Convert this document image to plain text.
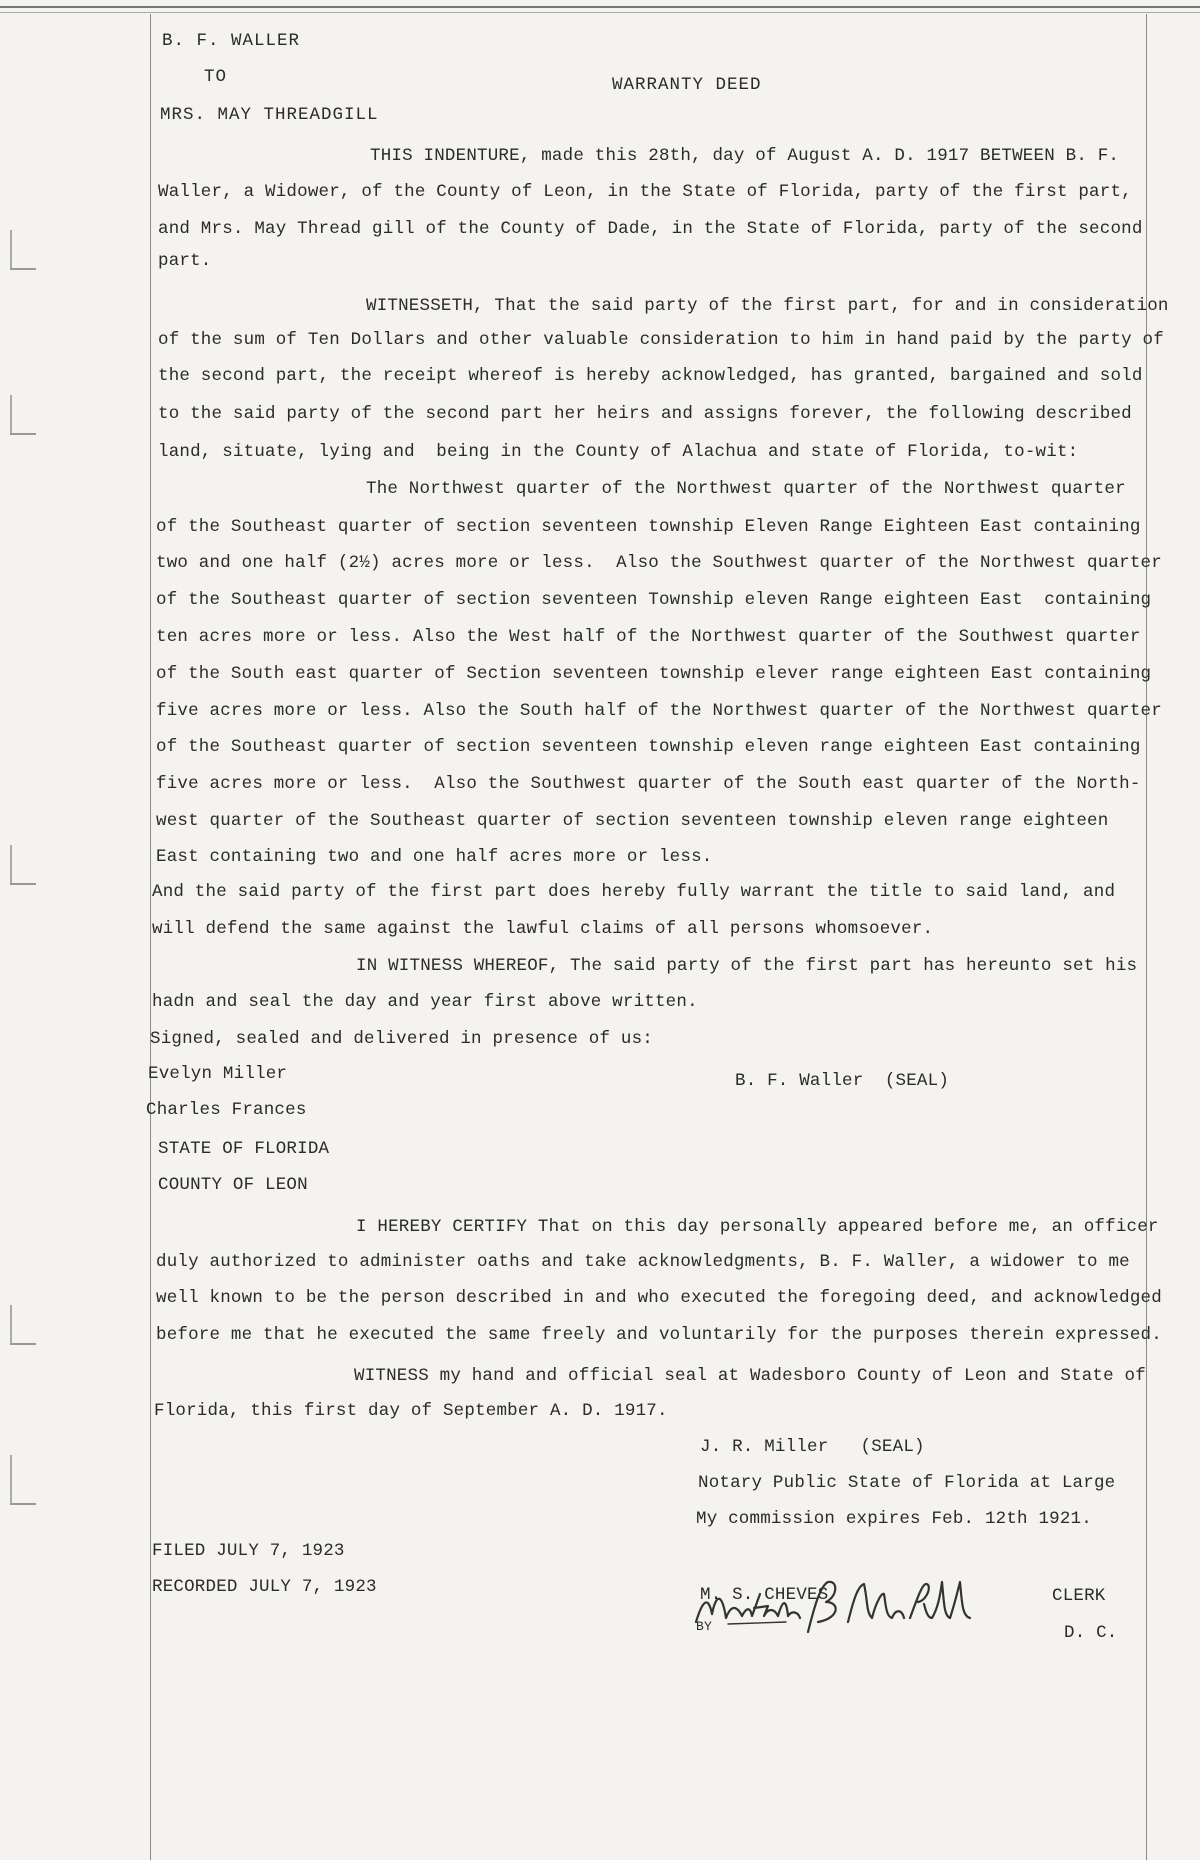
B. F. WALLER
TO	WARRANTY DEED
MRS. MAY THREADGILL
THIS INDENTURE, made this 28th, day of August A. D. 1917 BETWEEN B. F.
Waller, a Widower, of the County of Leon, in the State of Florida, party of the first part,
and Mrs. May Thread gill of the County of Dade, in the State of Florida, party of the second
part.
WITNESSETH, That the said party of the first part, for and in consideration
of the sum of Ten Dollars and other valuable consideration to him in hand paid by the party of
the second part, the receipt whereof is hereby acknowledged, has granted, bargained and sold
to the said party of the second part her heirs and assigns forever, the following described
land, situate, lying and  being in the County of Alachua and state of Florida, to-wit:
The Northwest quarter of the Northwest quarter of the Northwest quarter
of the Southeast quarter of section seventeen township Eleven Range Eighteen East containing
two and one half (2½) acres more or less.  Also the Southwest quarter of the Northwest quarter
of the Southeast quarter of section seventeen Township eleven Range eighteen East  containing
ten acres more or less. Also the West half of the Northwest quarter of the Southwest quarter
of the South east quarter of Section seventeen township elever range eighteen East containing
five acres more or less. Also the South half of the Northwest quarter of the Northwest quarter
of the Southeast quarter of section seventeen township eleven range eighteen East containing
five acres more or less.  Also the Southwest quarter of the South east quarter of the North-
west quarter of the Southeast quarter of section seventeen township eleven range eighteen
East containing two and one half acres more or less.
And the said party of the first part does hereby fully warrant the title to said land, and
will defend the same against the lawful claims of all persons whomsoever.
IN WITNESS WHEREOF, The said party of the first part has hereunto set his
hadn and seal the day and year first above written.
Signed, sealed and delivered in presence of us:
Evelyn Miller	B. F. Waller  (SEAL)
Charles Frances
STATE OF FLORIDA
COUNTY OF LEON
I HEREBY CERTIFY That on this day personally appeared before me, an officer
duly authorized to administer oaths and take acknowledgments, B. F. Waller, a widower to me
well known to be the person described in and who executed the foregoing deed, and acknowledged
before me that he executed the same freely and voluntarily for the purposes therein expressed.
WITNESS my hand and official seal at Wadesboro County of Leon and State of
Florida, this first day of September A. D. 1917.
J. R. Miller   (SEAL)
Notary Public State of Florida at Large
My commission expires Feb. 12th 1921.
FILED JULY 7, 1923
RECORDED JULY 7, 1923	M. S. CHEVES	CLERK
BY	D. C.
